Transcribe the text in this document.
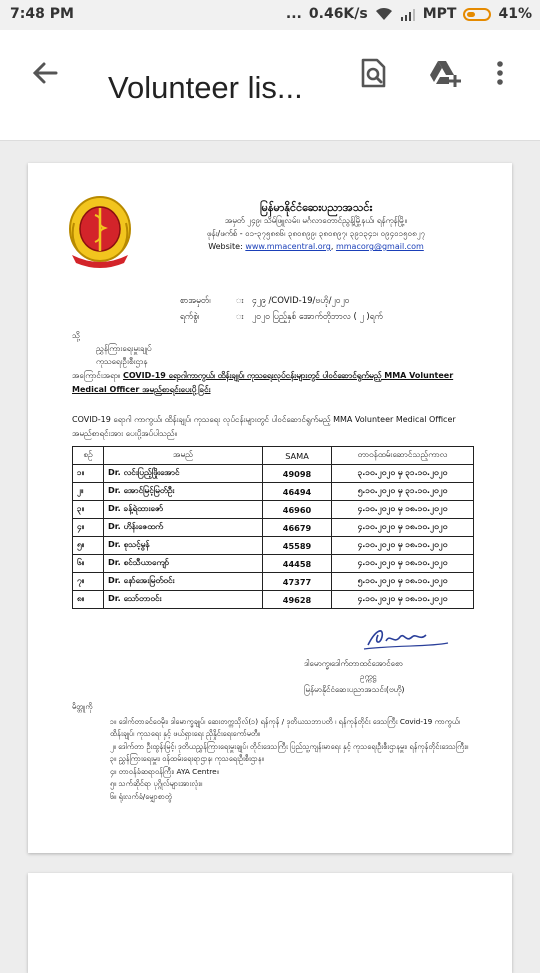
7:48 PM	... 0.46K/s	MPT	41%
Volunteer lis...
မြန်မာနိုင်ငံဆေးပညာအသင်း
အမှတ် ၂၄၉၊ သိမ်ဖြူလမ်း၊ မင်္ဂလာတောင်ညွန့်မြို့နယ်၊ ရန်ကုန်မြို့။
ဖုန်း/ဖက်စ် - ၀၁-၃၇၅၈၈၆၊ ၃၈၀၈၉၉၊ ၃၈၀၈၉၇၊ ၃၉၁၃၄၁၊ ၀၉၄၀၁၅၀၈၂၇
Website: www.mmacentral.org, mmacorg@gmail.com
စာအမှတ်၊	း	၄၂၉ /COVID-19/ဗဟို/၂၀၂၀
ရက်စွဲ၊	း	၂၀၂၀ ပြည့်နှစ် အောက်တိုဘာလ ( ၂ )ရက်
သို့
ညွှန်ကြားရေးမှူးချုပ်
ကုသရေးဦးစီးဌာန
အကြောင်းအရာ။ COVID-19 ရောဂါကာကွယ်၊ ထိန်းချုပ်၊ ကုသရေးလုပ်ငန်းများတွင် ပါဝင်ဆောင်ရွက်မည့် MMA Volunteer Medical Officer အမည်စာရင်းပေးပို့ခြင်း
COVID-19 ရောဂါ ကာကွယ်၊ ထိန်းချုပ်၊ ကုသရေး လုပ်ငန်းများတွင် ပါဝင်ဆောင်ရွက်မည့် MMA Volunteer Medical Officer အမည်စာရင်းအား ပေးပို့အပ်ပါသည်။
စဉ်	အမည်	SAMA	တာဝန်ထမ်းဆောင်သည့်ကာလ
၁။	Dr. လင်းပြည့်ဖြိုးအောင်	49098	၃.၁၀.၂၀၂၀ မှ ၃၁.၁၀.၂၀၂၀
၂။	Dr. အောင်မြင့်မြတ်ဦး	46494	၅.၁၀.၂၀၂၀ မှ ၃၁.၁၀.၂၀၂၀
၃။	Dr. ခန့်ရဲထားဇော်	46960	၄.၁၀.၂၀၂၀ မှ ၁၈.၁၀.၂၀၂၀
၄။	Dr. ဟိန်းဇေထက်	46679	၄.၁၀.၂၀၂၀ မှ ၁၈.၁၀.၂၀၂၀
၅။	Dr. စုသင့်မွန်	45589	၄.၁၀.၂၀၂၀ မှ ၁၈.၁၀.၂၀၂၀
၆။	Dr. စင်သီယာကျော်	44458	၄.၁၀.၂၀၂၀ မှ ၁၈.၁၀.၂၀၂၀
၇။	Dr. နော်အေးမြတ်ဝင်း	47377	၅.၁၀.၂၀၂၀ မှ ၁၈.၁၀.၂၀၂၀
၈။	Dr. သော်တာဝင်း	49628	၄.၁၀.၂၀၂၀ မှ ၁၈.၁၀.၂၀၂၀
ဒါမောက္ခ၊ဒေါက်တာထင်အောင်စော
ဥက္ကဋ္ဌ
မြန်မာနိုင်ငံဆေးပညာအသင်း(ဗဟို)
မိတ္တူကို
၁။ ဒေါက်တာခင်ဝေမိုး၊ ဒါမောက္ခချုပ်၊ ဆေးတက္ကသိုလ်(၁) ရန်ကုန် / ဒုတိယသဘာပတိ ၊ ရန်ကုန်တိုင်း ဒေသကြီး Covid-19 ကာကွယ်၊ ထိန်းချုပ်၊ ကုသရေး နှင့် ဖယ်ရှားရေး ညှိနှိုင်းရေးကော်မတီ။
၂။ ဒေါက်တာ ဦးထွန်းမြင့်၊ ဒုတိယညွှန်ကြားရေးမှူးချုပ်၊ တိုင်းဒေသကြီး ပြည်သူ့ကျန်းမာရေး နှင့် ကုသရေးဦးစီးဌာနမှူး၊ ရန်ကုန်တိုင်းဒေသကြီး။
၃။ ညွှန်ကြားရေးမှူး၊ ဝန်ထမ်းရေးရာဌာန၊ ကုသရေးဦးစီးဌာန။
၄။ တာဝန်ခံဆရာဝန်ကြီး၊ AYA Centre။
၅။ သက်ဆိုင်ရာ ပုဂ္ဂိုလ်များအားလုံး။
၆။ ရုံးလက်ခံ/မျှောစာတွဲ
